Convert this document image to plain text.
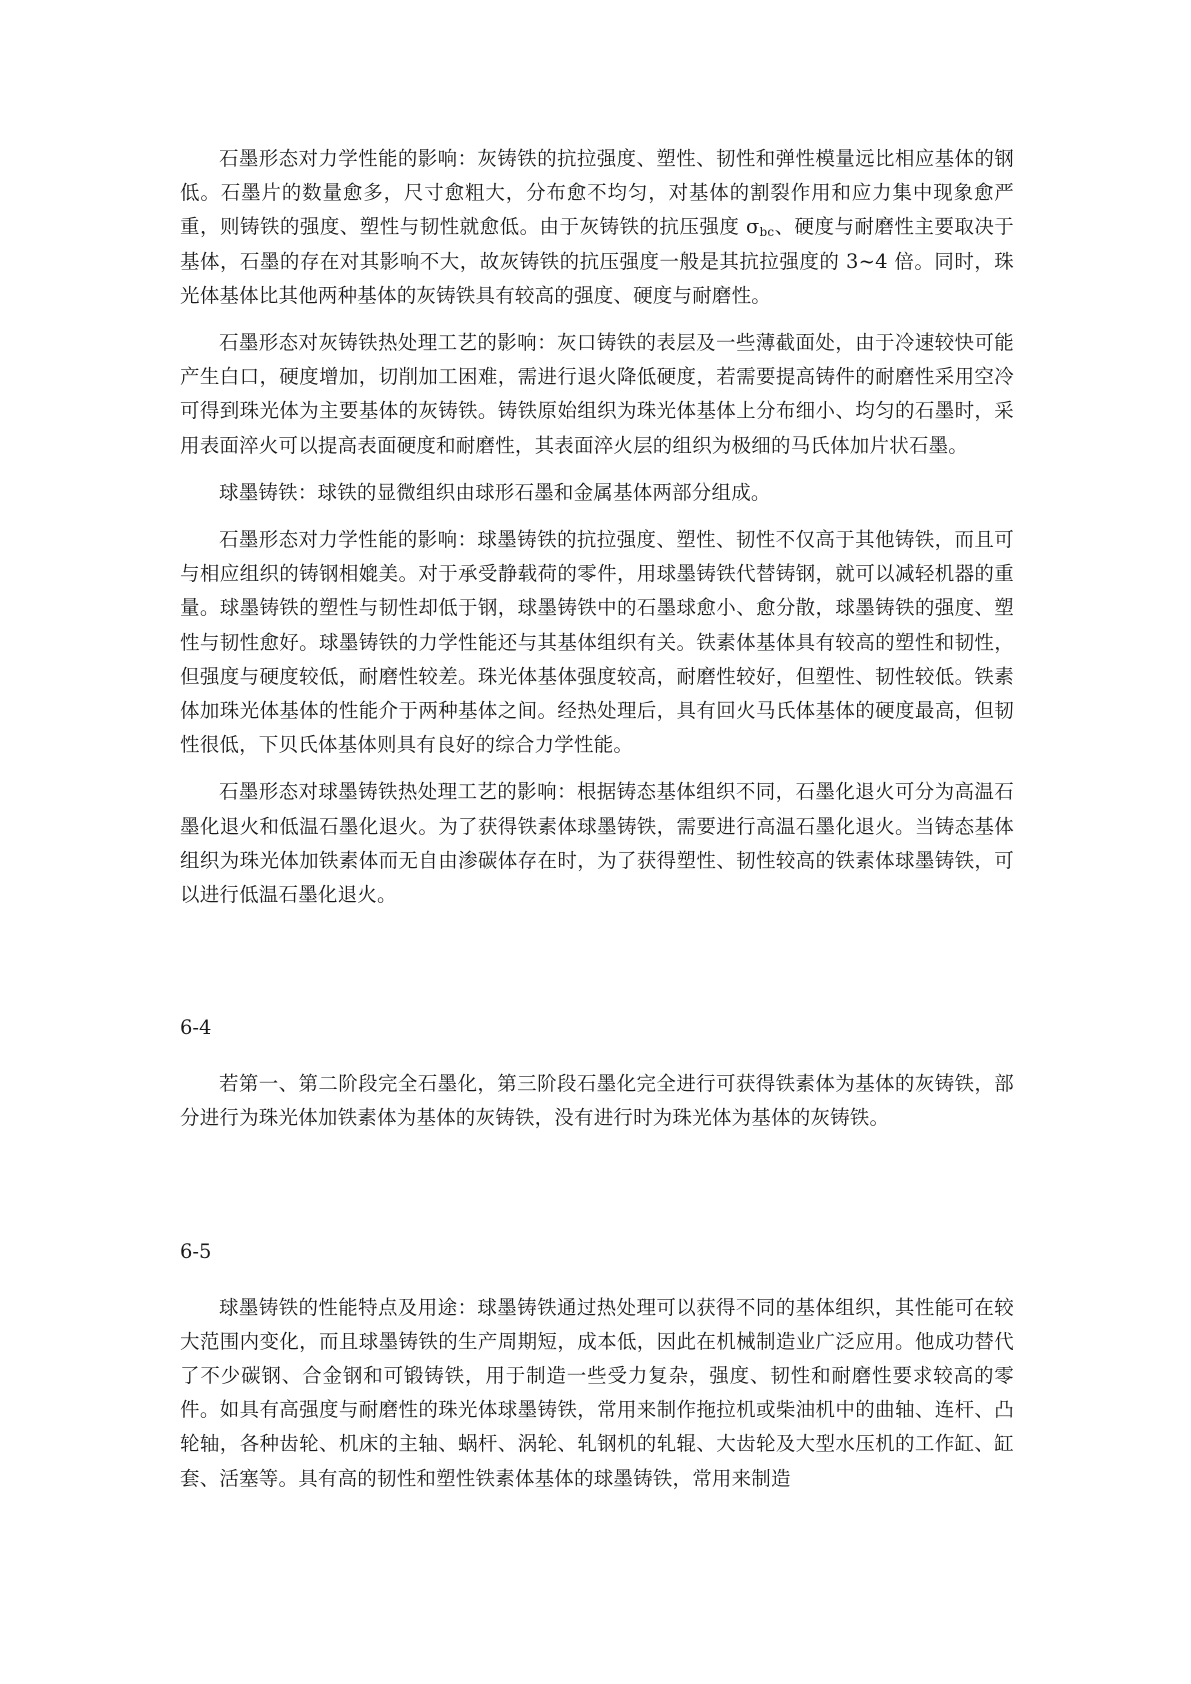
石墨形态对力学性能的影响：灰铸铁的抗拉强度、塑性、韧性和弹性模量远比相应基体的钢低。石墨片的数量愈多，尺寸愈粗大，分布愈不均匀，对基体的割裂作用和应力集中现象愈严重，则铸铁的强度、塑性与韧性就愈低。由于灰铸铁的抗压强度 $\sigma_{bc}$、硬度与耐磨性主要取决于基体，石墨的存在对其影响不大，故灰铸铁的抗压强度一般是其抗拉强度的 3~4 倍。同时，珠光体基体比其他两种基体的灰铸铁具有较高的强度、硬度与耐磨性。

石墨形态对灰铸铁热处理工艺的影响：灰口铸铁的表层及一些薄截面处，由于冷速较快可能产生白口，硬度增加，切削加工困难，需进行退火降低硬度，若需要提高铸件的耐磨性采用空冷可得到珠光体为主要基体的灰铸铁。铸铁原始组织为珠光体基体上分布细小、均匀的石墨时，采用表面淬火可以提高表面硬度和耐磨性，其表面淬火层的组织为极细的马氏体加片状石墨。

球墨铸铁：球铁的显微组织由球形石墨和金属基体两部分组成。

石墨形态对力学性能的影响：球墨铸铁的抗拉强度、塑性、韧性不仅高于其他铸铁，而且可与相应组织的铸钢相媲美。对于承受静载荷的零件，用球墨铸铁代替铸钢，就可以减轻机器的重量。球墨铸铁的塑性与韧性却低于钢，球墨铸铁中的石墨球愈小、愈分散，球墨铸铁的强度、塑性与韧性愈好。球墨铸铁的力学性能还与其基体组织有关。铁素体基体具有较高的塑性和韧性，但强度与硬度较低，耐磨性较差。珠光体基体强度较高，耐磨性较好，但塑性、韧性较低。铁素体加珠光体基体的性能介于两种基体之间。经热处理后，具有回火马氏体基体的硬度最高，但韧性很低，下贝氏体基体则具有良好的综合力学性能。

石墨形态对球墨铸铁热处理工艺的影响：根据铸态基体组织不同，石墨化退火可分为高温石墨化退火和低温石墨化退火。为了获得铁素体球墨铸铁，需要进行高温石墨化退火。当铸态基体组织为珠光体加铁素体而无自由渗碳体存在时，为了获得塑性、韧性较高的铁素体球墨铸铁，可以进行低温石墨化退火。

6-4

若第一、第二阶段完全石墨化，第三阶段石墨化完全进行可获得铁素体为基体的灰铸铁，部分进行为珠光体加铁素体为基体的灰铸铁，没有进行时为珠光体为基体的灰铸铁。

6-5

球墨铸铁的性能特点及用途：球墨铸铁通过热处理可以获得不同的基体组织，其性能可在较大范围内变化，而且球墨铸铁的生产周期短，成本低，因此在机械制造业广泛应用。他成功替代了不少碳钢、合金钢和可锻铸铁，用于制造一些受力复杂，强度、韧性和耐磨性要求较高的零件。如具有高强度与耐磨性的珠光体球墨铸铁，常用来制作拖拉机或柴油机中的曲轴、连杆、凸轮轴，各种齿轮、机床的主轴、蜗杆、涡轮、轧钢机的轧辊、大齿轮及大型水压机的工作缸、缸套、活塞等。具有高的韧性和塑性铁素体基体的球墨铸铁，常用来制造
